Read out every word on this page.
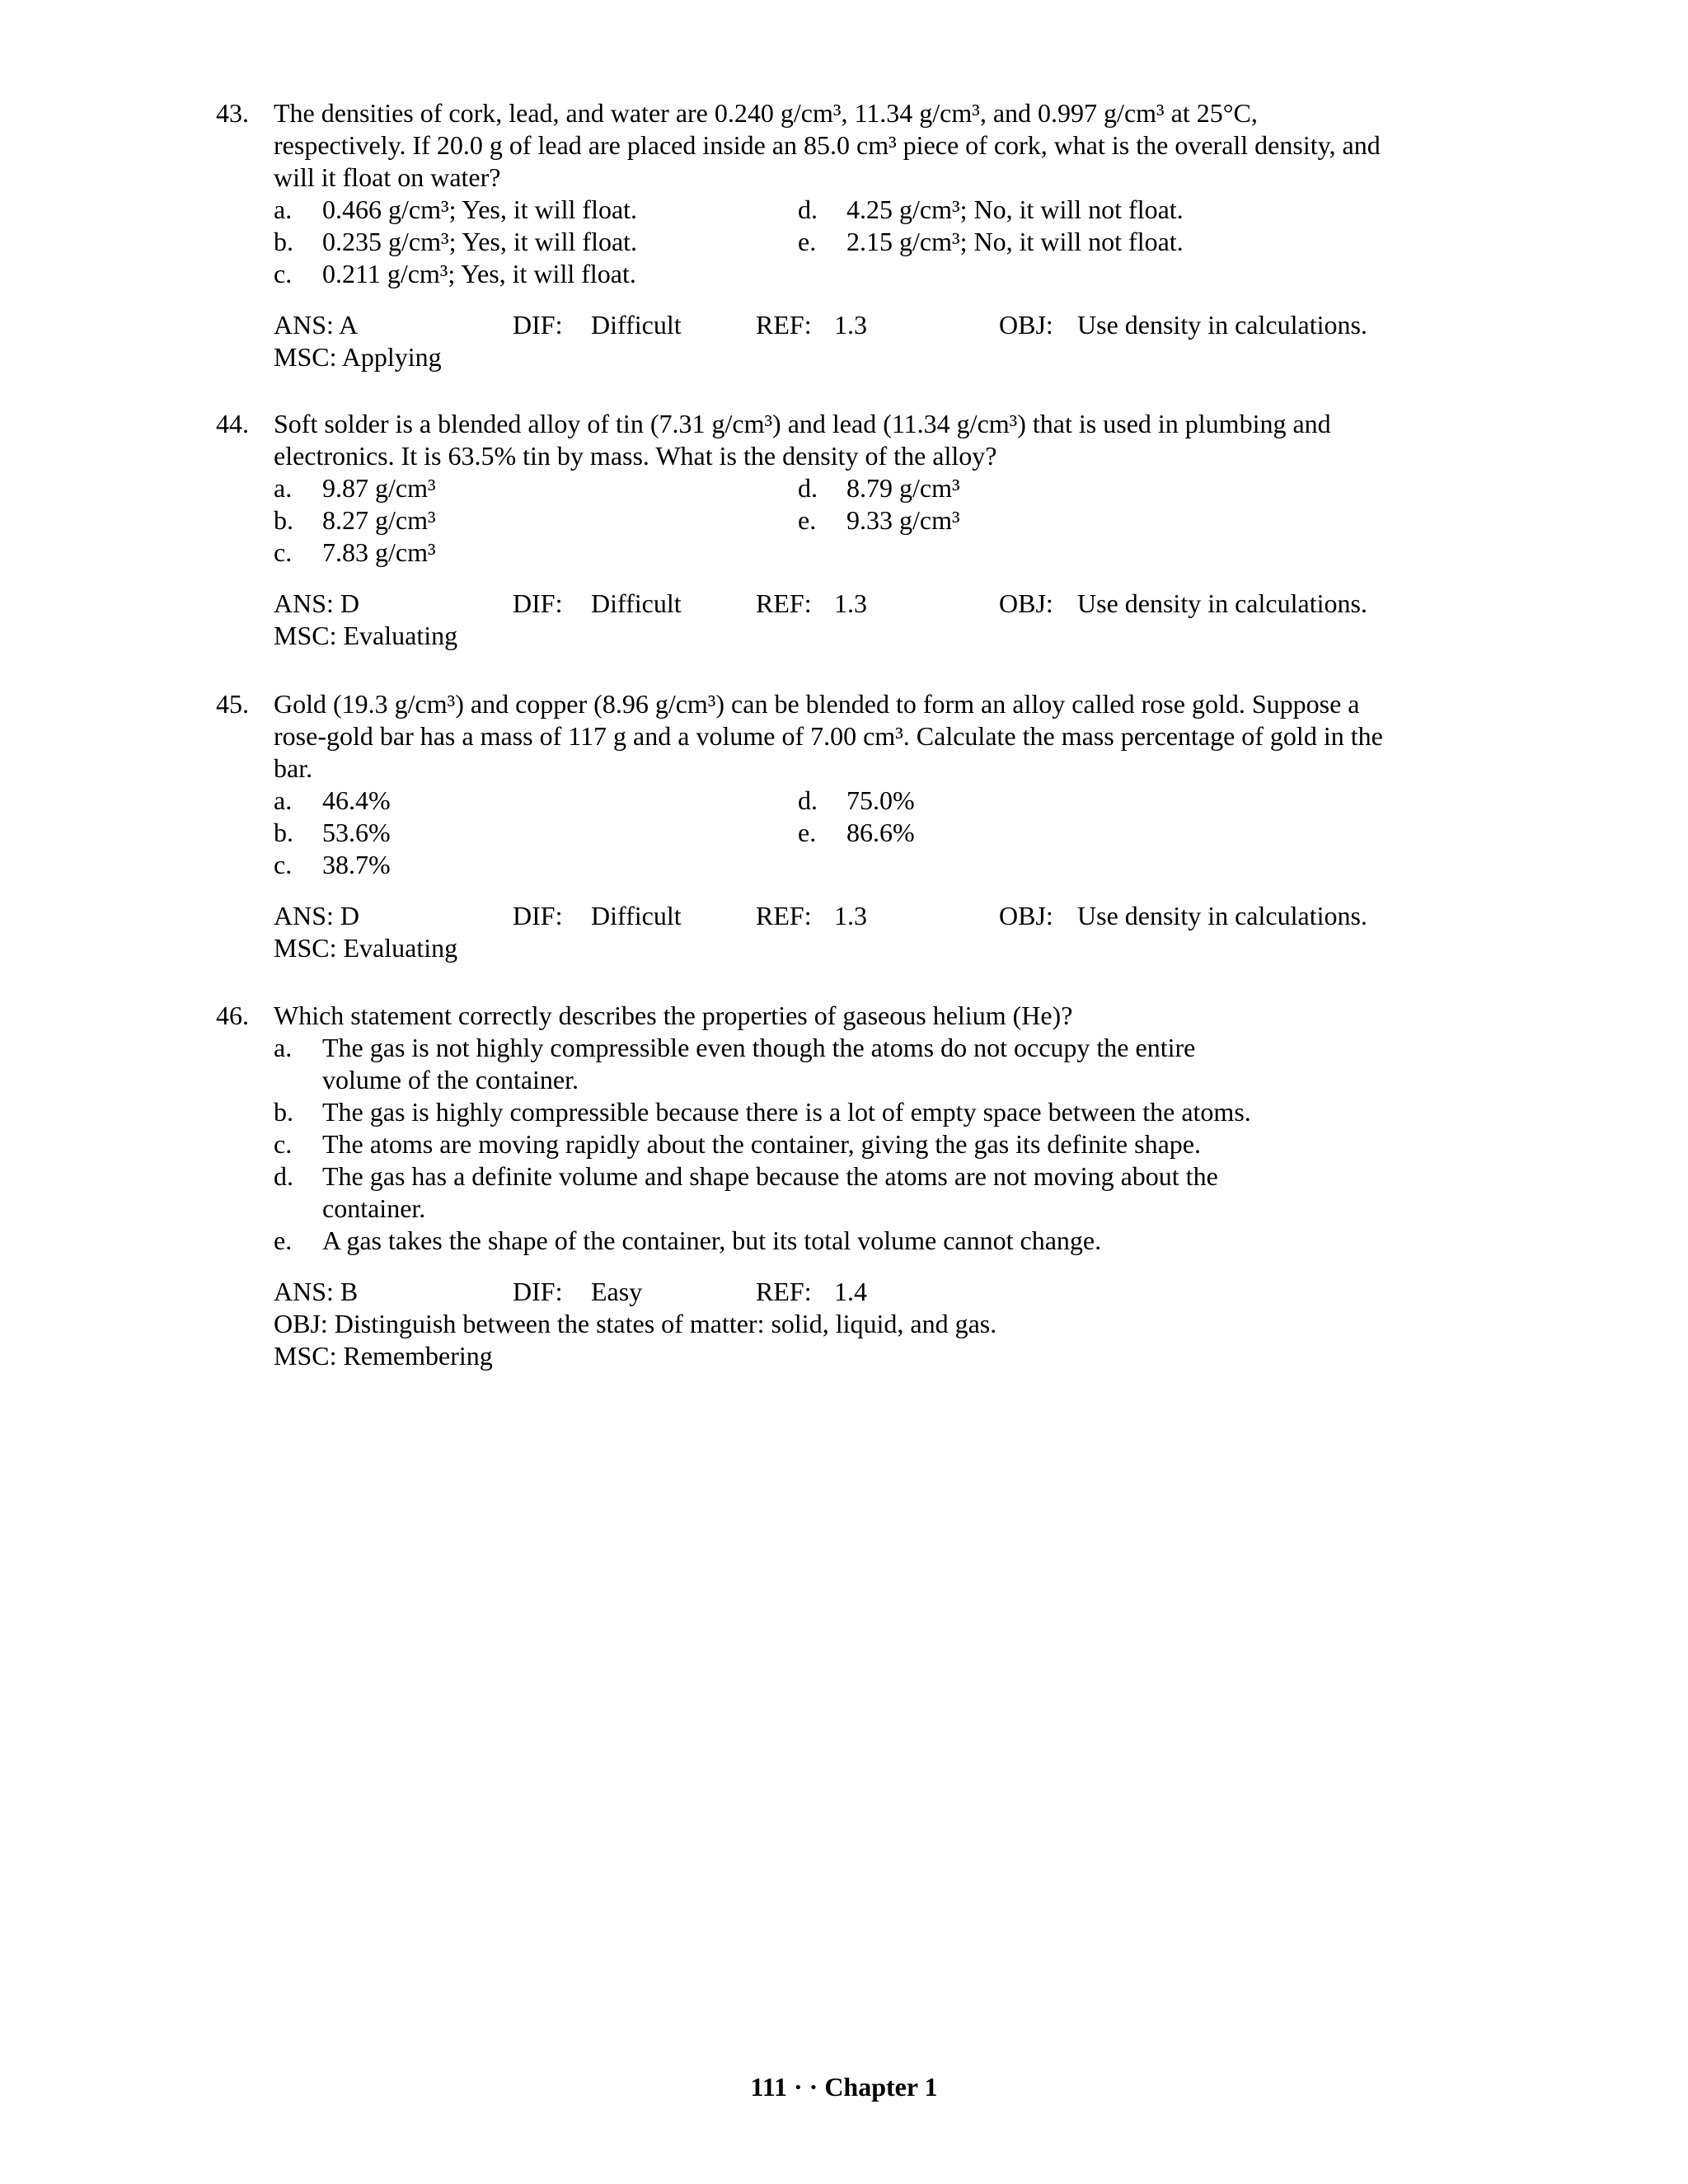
43. The densities of cork, lead, and water are 0.240 g/cm³, 11.34 g/cm³, and 0.997 g/cm³ at 25°C, respectively. If 20.0 g of lead are placed inside an 85.0 cm³ piece of cork, what is the overall density, and will it float on water?
a. 0.466 g/cm³; Yes, it will float.
b. 0.235 g/cm³; Yes, it will float.
c. 0.211 g/cm³; Yes, it will float.
d. 4.25 g/cm³; No, it will not float.
e. 2.15 g/cm³; No, it will not float.
ANS: A	DIF: Difficult	REF: 1.3	OBJ: Use density in calculations.
MSC: Applying
44. Soft solder is a blended alloy of tin (7.31 g/cm³) and lead (11.34 g/cm³) that is used in plumbing and electronics. It is 63.5% tin by mass. What is the density of the alloy?
a. 9.87 g/cm³
b. 8.27 g/cm³
c. 7.83 g/cm³
d. 8.79 g/cm³
e. 9.33 g/cm³
ANS: D	DIF: Difficult	REF: 1.3	OBJ: Use density in calculations.
MSC: Evaluating
45. Gold (19.3 g/cm³) and copper (8.96 g/cm³) can be blended to form an alloy called rose gold. Suppose a rose-gold bar has a mass of 117 g and a volume of 7.00 cm³. Calculate the mass percentage of gold in the bar.
a. 46.4%
b. 53.6%
c. 38.7%
d. 75.0%
e. 86.6%
ANS: D	DIF: Difficult	REF: 1.3	OBJ: Use density in calculations.
MSC: Evaluating
46. Which statement correctly describes the properties of gaseous helium (He)?
a. The gas is not highly compressible even though the atoms do not occupy the entire volume of the container.
b. The gas is highly compressible because there is a lot of empty space between the atoms.
c. The atoms are moving rapidly about the container, giving the gas its definite shape.
d. The gas has a definite volume and shape because the atoms are not moving about the container.
e. A gas takes the shape of the container, but its total volume cannot change.
ANS: B	DIF: Easy	REF: 1.4
OBJ: Distinguish between the states of matter: solid, liquid, and gas.
MSC: Remembering
111 · · Chapter 1
